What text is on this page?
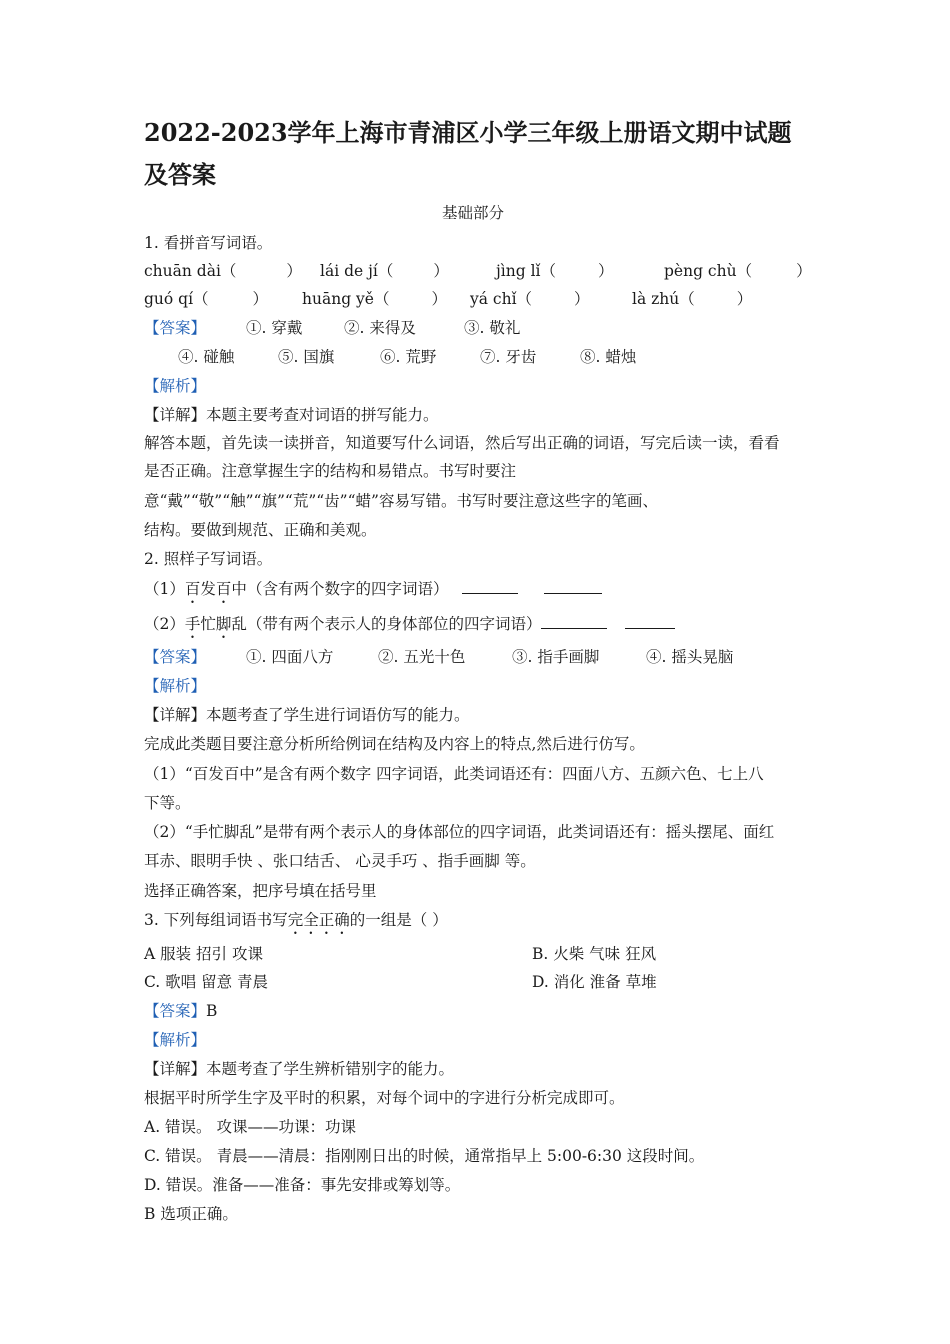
2022-2023学年上海市青浦区小学三年级上册语文期中试题
及答案
基础部分
1. 看拼音写词语。
chuān dài（	） lái de jí（	）	jìng lǐ（	）	pèng chù（	）
guó qí（	） huāng yě（	） yá chǐ（	）	là zhú（	）
【答案】	①. 穿戴	②. 来得及	③. 敬礼
④. 碰触	⑤. 国旗	⑥. 荒野	⑦. 牙齿	⑧. 蜡烛
【解析】
【详解】本题主要考查对词语的拼写能力。
解答本题，首先读一读拼音，知道要写什么词语，然后写出正确的词语，写完后读一读，看看
是否正确。注意掌握生字的结构和易错点。书写时要注
意“戴”“敬”“触”“旗”“荒”“齿”“蜡”容易写错。书写时要注意这些字的笔画、
结构。要做到规范、正确和美观。
2. 照样子写词语。
（1）百发百中（含有两个数字的四字词语）
（2）手忙脚乱（带有两个表示人的身体部位的四字词语）
【答案】	①. 四面八方	②. 五光十色	③. 指手画脚	④. 摇头晃脑
【解析】
【详解】本题考查了学生进行词语仿写的能力。
完成此类题目要注意分析所给例词在结构及内容上的特点,然后进行仿写。
（1）“百发百中”是含有两个数字 四字词语，此类词语还有：四面八方、五颜六色、七上八
下等。
（2）“手忙脚乱”是带有两个表示人的身体部位的四字词语，此类词语还有：摇头摆尾、面红
耳赤、眼明手快 、张口结舌、 心灵手巧 、指手画脚 等。
选择正确答案，把序号填在括号里
3. 下列每组词语书写完全正确的一组是（ ）
A 服装 招引 攻课	B. 火柴 气味 狂风
C. 歌唱 留意 青晨	D. 消化 淮备 草堆
【答案】B
【解析】
【详解】本题考查了学生辨析错别字的能力。
根据平时所学生字及平时的积累，对每个词中的字进行分析完成即可。
A. 错误。 攻课——功课：功课
C. 错误。 青晨——清晨：指刚刚日出的时候，通常指早上 5:00-6:30 这段时间。
D. 错误。淮备——准备：事先安排或筹划等。
B 选项正确。
